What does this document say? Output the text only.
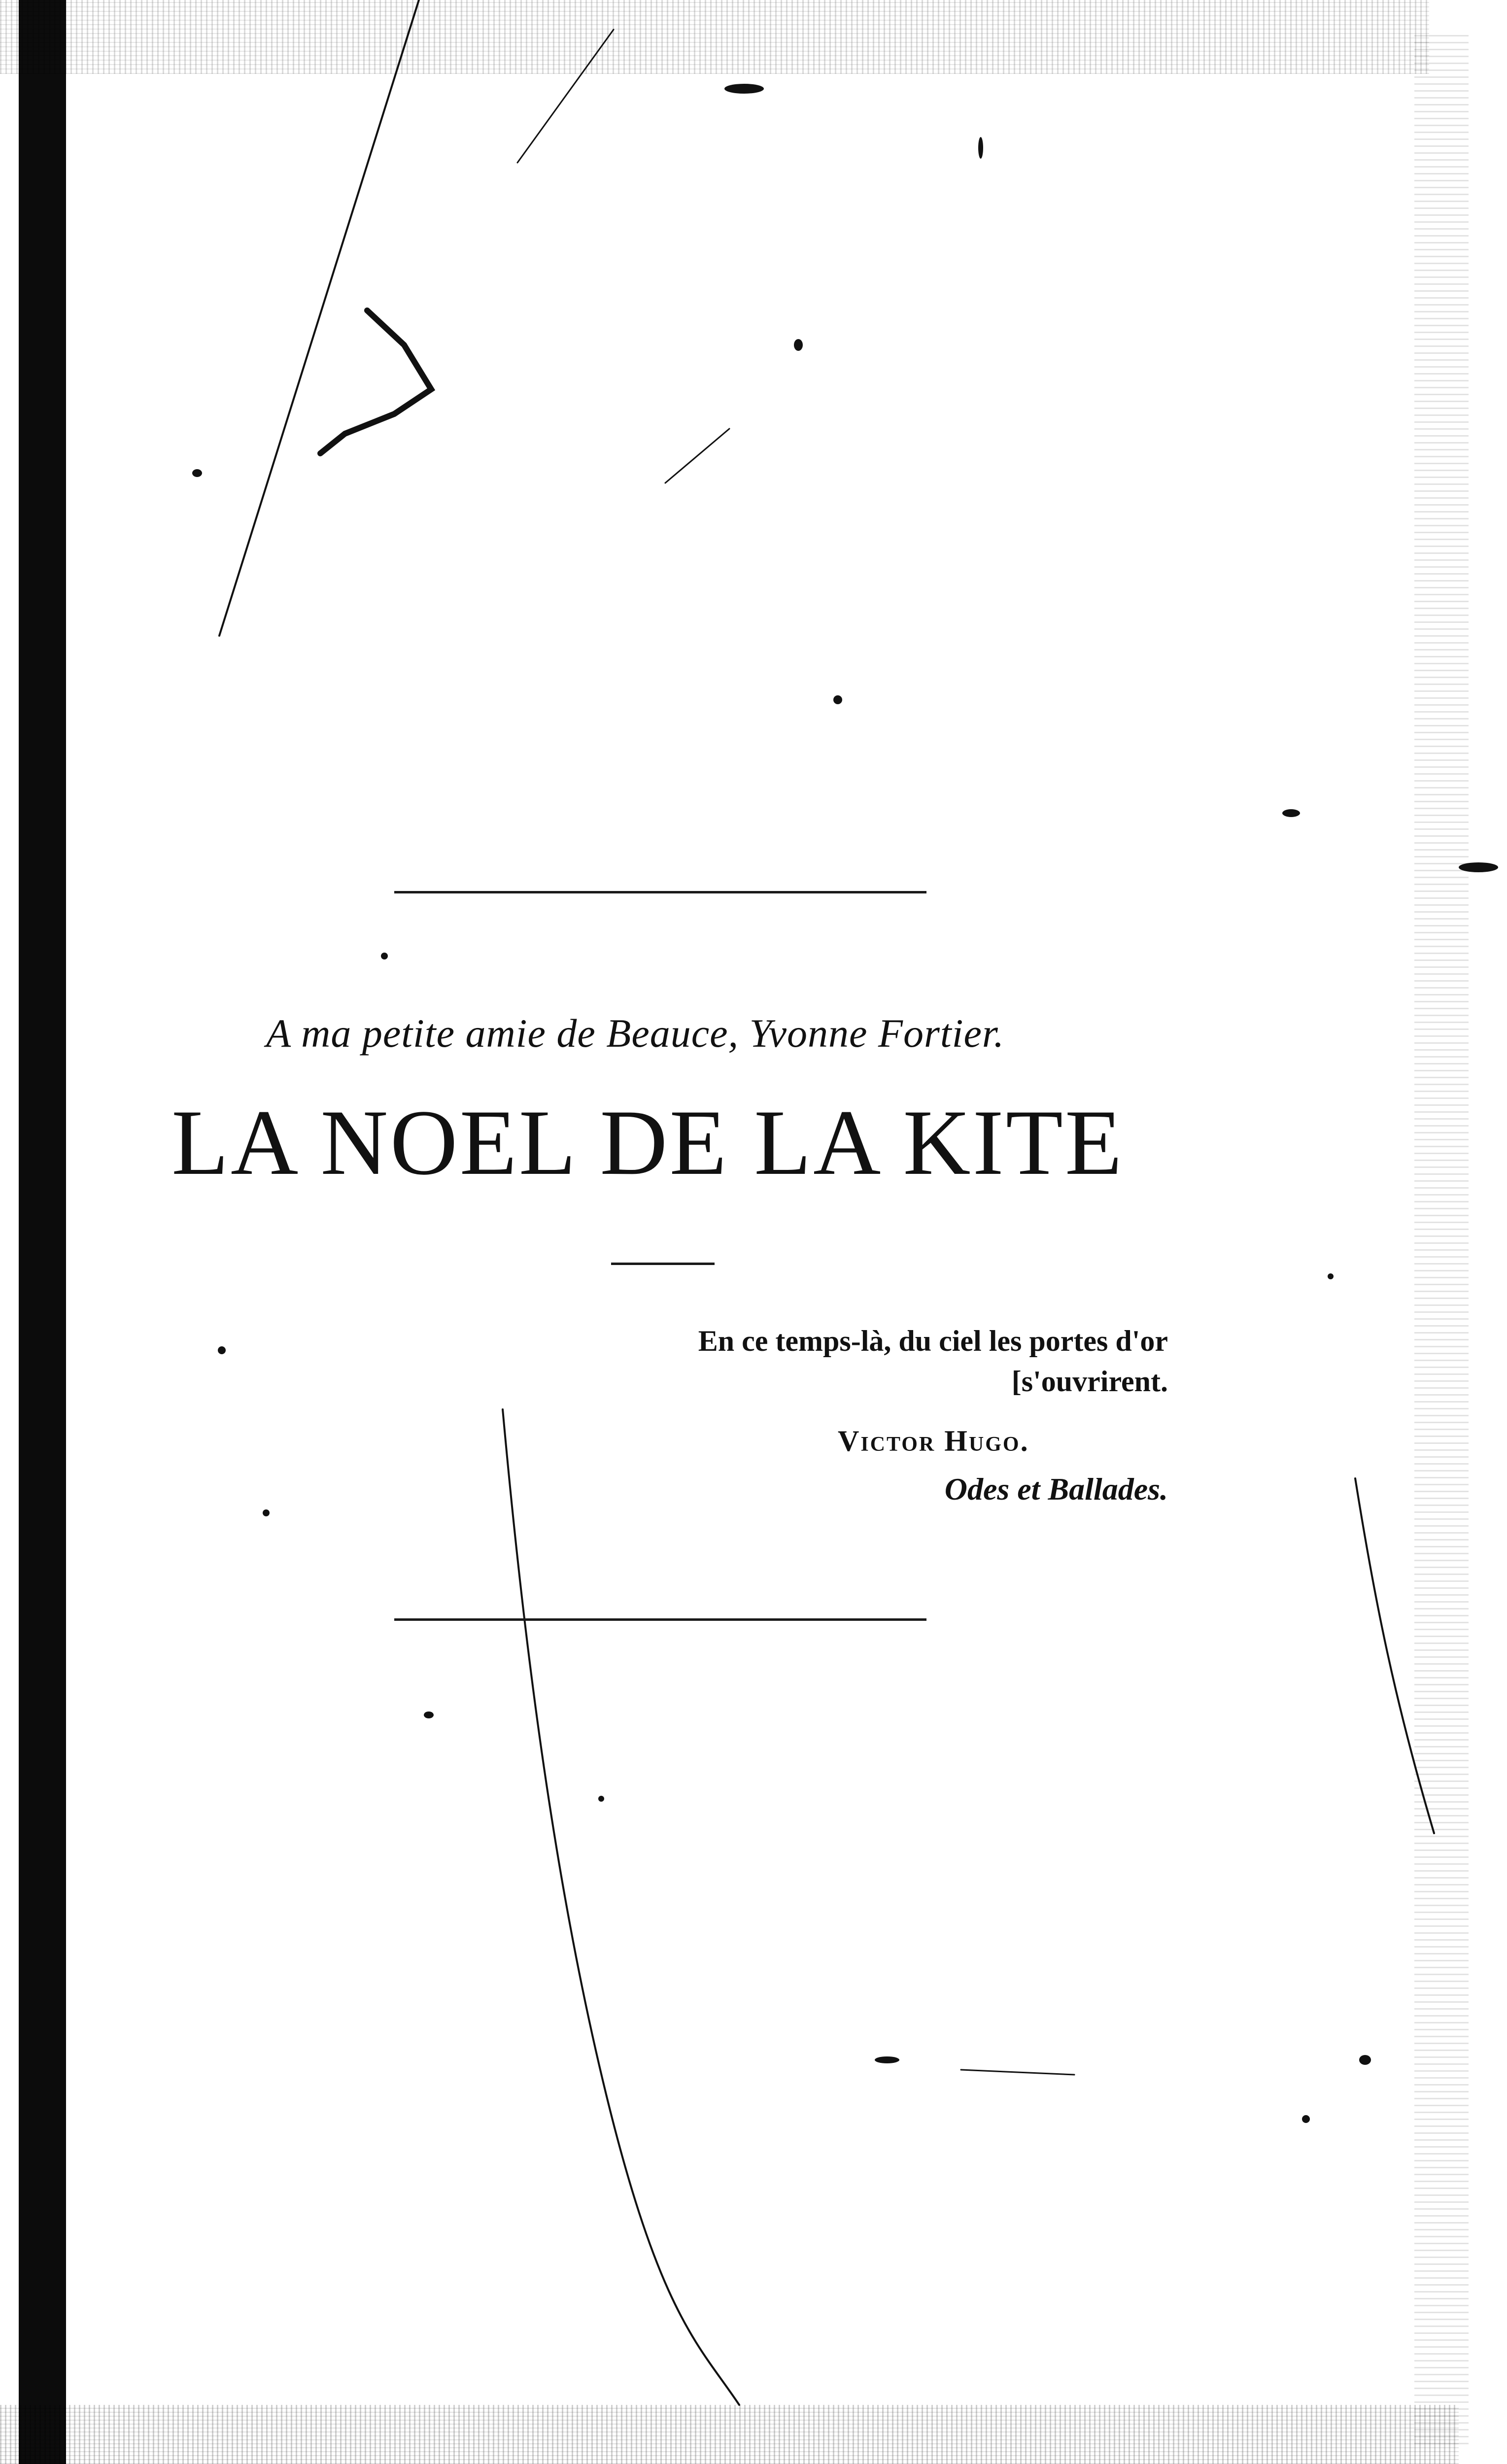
A ma petite amie de Beauce, Yvonne Fortier.
LA NOEL DE LA KITE
En ce temps-là, du ciel les portes d'or
[s'ouvrirent.
Victor Hugo.
Odes et Ballades.
